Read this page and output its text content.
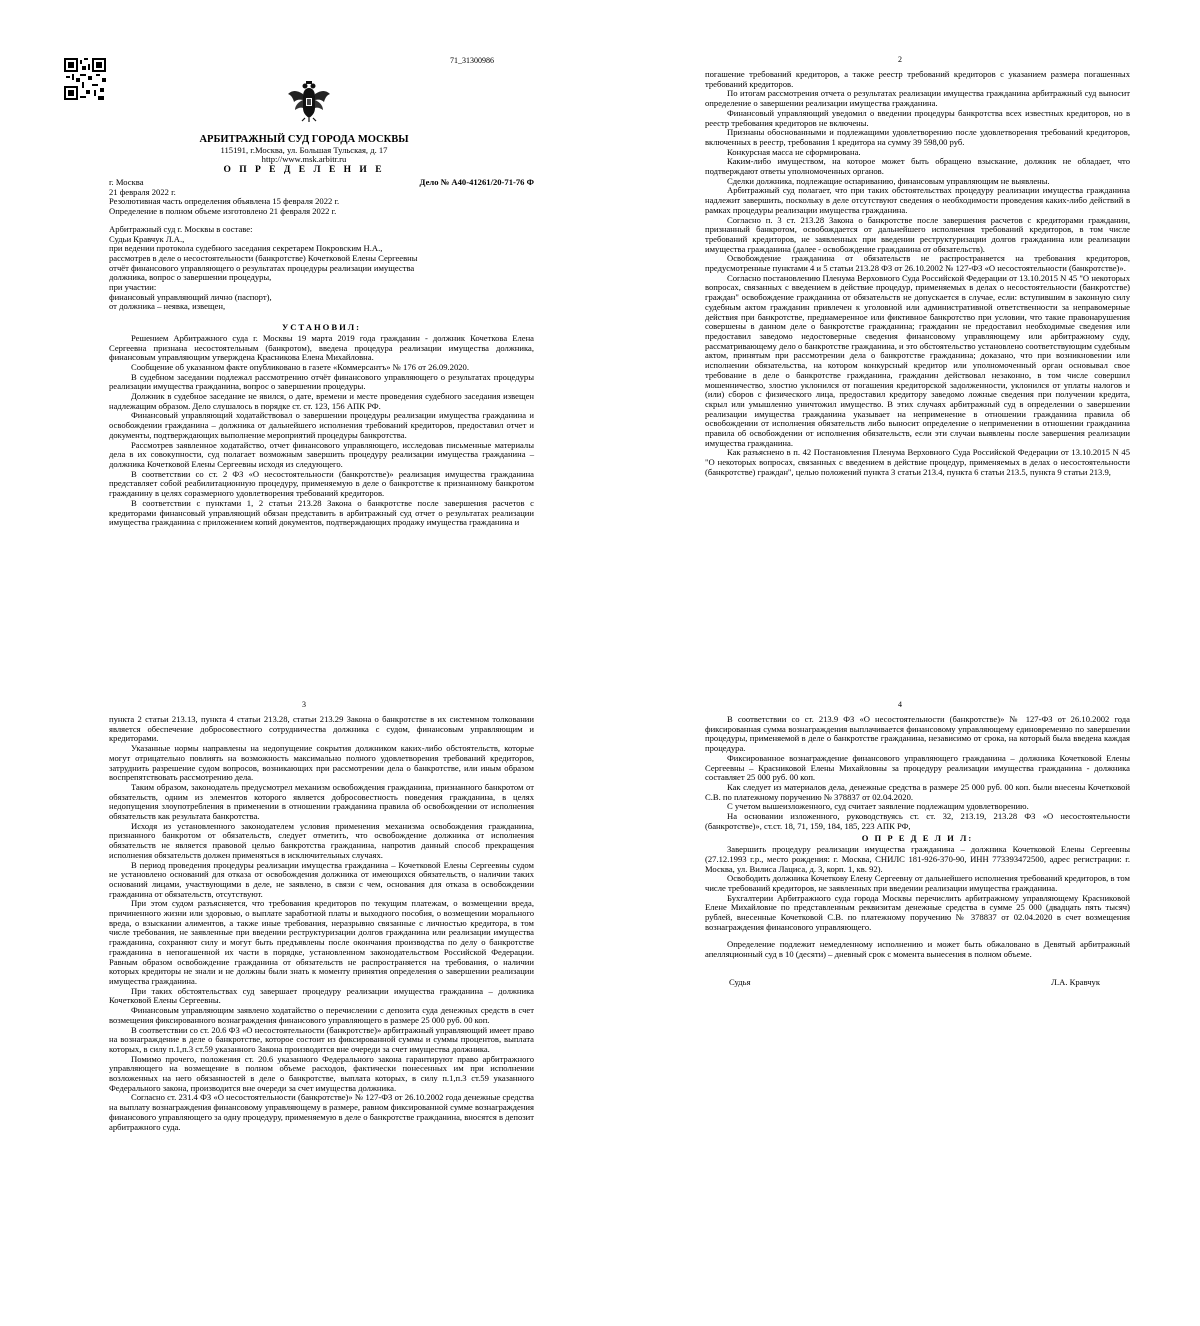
71_31300986
АРБИТРАЖНЫЙ СУД ГОРОДА МОСКВЫ
115191, г.Москва, ул. Большая Тульская, д. 17
http://www.msk.arbitr.ru
О П Р Е Д Е Л Е Н И Е
г. Москва	Дело № А40-41261/20-71-76 Ф
21 февраля 2022 г.
Резолютивная часть определения объявлена 15 февраля 2022 г.
Определение в полном объеме изготовлено 21 февраля 2022 г.
Арбитражный суд г. Москвы в составе:
Судьи Кравчук Л.А.,
при ведении протокола судебного заседания секретарем Покровским Н.А.,
рассмотрев в деле о несостоятельности (банкротстве) Кочетковой Елены Сергеевны
отчёт финансового управляющего о результатах процедуры реализации имущества
должника, вопрос о завершении процедуры,
при участии:
финансовый управляющий лично (паспорт),
от должника – неявка, извещен,
УСТАНОВИЛ:

Решением Арбитражного суда г. Москвы 19 марта 2019 года гражданин - должник Кочеткова Елена Сергеевна признана несостоятельным (банкротом), введена процедура реализации имущества должника, финансовым управляющим утверждена Красникова Елена Михайловна.

Сообщение об указанном факте опубликовано в газете «Коммерсантъ» № 176 от 26.09.2020.

В судебном заседании подлежал рассмотрению отчёт финансового управляющего о результатах процедуры реализации имущества гражданина, вопрос о завершении процедуры.

Должник в судебное заседание не явился, о дате, времени и месте проведения судебного заседания извещен надлежащим образом. Дело слушалось в порядке ст. ст. 123, 156 АПК РФ.

Финансовый управляющий ходатайствовал о завершении процедуры реализации имущества гражданина и освобождении гражданина – должника от дальнейшего исполнения требований кредиторов, предоставил отчет и документы, подтверждающих выполнение мероприятий процедуры банкротства.

Рассмотрев заявленное ходатайство, отчет финансового управляющего, исследовав письменные материалы дела в их совокупности, суд полагает возможным завершить процедуру реализации имущества гражданина – должника Кочетковой Елены Сергеевны исходя из следующего.

В соответствии со ст. 2 ФЗ «О несостоятельности (банкротстве)» реализация имущества гражданина представляет собой реабилитационную процедуру, применяемую в деле о банкротстве к признанному банкротом гражданину в целях соразмерного удовлетворения требований кредиторов.

В соответствии с пунктами 1, 2 статьи 213.28 Закона о банкротстве после завершения расчетов с кредиторами финансовый управляющий обязан представить в арбитражный суд отчет о результатах реализации имущества гражданина с приложением копий документов, подтверждающих продажу имущества гражданина и

2

погашение требований кредиторов, а также реестр требований кредиторов с указанием размера погашенных требований кредиторов.

По итогам рассмотрения отчета о результатах реализации имущества гражданина арбитражный суд выносит определение о завершении реализации имущества гражданина.

Финансовый управляющий уведомил о введении процедуры банкротства всех известных кредиторов, но в реестр требования кредиторов не включены.

Признаны обоснованными и подлежащими удовлетворению после удовлетворения требований кредиторов, включенных в реестр, требования 1 кредитора на сумму 39 598,00 руб.

Конкурсная масса не сформирована.

Каким-либо имуществом, на которое может быть обращено взыскание, должник не обладает, что подтверждают ответы уполномоченных органов.

Сделки должника, подлежащие оспариванию, финансовым управляющим не выявлены.

Арбитражный суд полагает, что при таких обстоятельствах процедуру реализации имущества гражданина надлежит завершить, поскольку в деле отсутствуют сведения о необходимости проведения каких-либо действий в рамках процедуры реализации имущества гражданина.

Согласно п. 3 ст. 213.28 Закона о банкротстве после завершения расчетов с кредиторами гражданин, признанный банкротом, освобождается от дальнейшего исполнения требований кредиторов, в том числе требований кредиторов, не заявленных при введении реструктуризации долгов гражданина или реализации имущества гражданина (далее - освобождение гражданина от обязательств).

Освобождение гражданина от обязательств не распространяется на требования кредиторов, предусмотренные пунктами 4 и 5 статьи 213.28 ФЗ от 26.10.2002 № 127-ФЗ «О несостоятельности (банкротстве)».

Согласно постановлению Пленума Верховного Суда Российской Федерации от 13.10.2015 N 45 "О некоторых вопросах, связанных с введением в действие процедур, применяемых в делах о несостоятельности (банкротстве) граждан" освобождение гражданина от обязательств не допускается в случае, если: вступившим в законную силу судебным актом гражданин привлечен к уголовной или административной ответственности за неправомерные действия при банкротстве, преднамеренное или фиктивное банкротство при условии, что такие правонарушения совершены в данном деле о банкротстве гражданина; гражданин не предоставил необходимые сведения или предоставил заведомо недостоверные сведения финансовому управляющему или арбитражному суду, рассматривающему дело о банкротстве гражданина, и это обстоятельство установлено соответствующим судебным актом, принятым при рассмотрении дела о банкротстве гражданина; доказано, что при возникновении или исполнении обязательства, на котором конкурсный кредитор или уполномоченный орган основывал свое требование в деле о банкротстве гражданина, гражданин действовал незаконно, в том числе совершил мошенничество, злостно уклонился от погашения кредиторской задолженности, уклонился от уплаты налогов и (или) сборов с физического лица, предоставил кредитору заведомо ложные сведения при получении кредита, скрыл или умышленно уничтожил имущество. В этих случаях арбитражный суд в определении о завершении реализации имущества гражданина указывает на неприменение в отношении гражданина правила об освобождении от исполнения обязательств либо выносит определение о неприменении в отношении гражданина правила об освобождении от исполнения обязательств, если эти случаи выявлены после завершения реализации имущества гражданина.

Как разъяснено в п. 42 Постановления Пленума Верховного Суда Российской Федерации от 13.10.2015 N 45 "О некоторых вопросах, связанных с введением в действие процедур, применяемых в делах о несостоятельности (банкротстве) граждан", целью положений пункта 3 статьи 213.4, пункта 6 статьи 213.5, пункта 9 статьи 213.9,

3

пункта 2 статьи 213.13, пункта 4 статьи 213.28, статьи 213.29 Закона о банкротстве в их системном толковании является обеспечение добросовестного сотрудничества должника с судом, финансовым управляющим и кредиторами.

Указанные нормы направлены на недопущение сокрытия должником каких-либо обстоятельств, которые могут отрицательно повлиять на возможность максимально полного удовлетворения требований кредиторов, затруднить разрешение судом вопросов, возникающих при рассмотрении дела о банкротстве, или иным образом воспрепятствовать рассмотрению дела.

Таким образом, законодатель предусмотрел механизм освобождения гражданина, признанного банкротом от обязательств, одним из элементов которого является добросовестность поведения гражданина, в целях недопущения злоупотребления в применении в отношении гражданина правила об освобождении от исполнения обязательств как результата банкротства.

Исходя из установленного законодателем условия применения механизма освобождения гражданина, признанного банкротом от обязательств, следует отметить, что освобождение должника от исполнения обязательств не является правовой целью банкротства гражданина, напротив данный способ прекращения исполнения обязательств должен применяться в исключительных случаях.

В период проведения процедуры реализации имущества гражданина – Кочетковой Елены Сергеевны судом не установлено оснований для отказа от освобождения должника от имеющихся обязательств, о наличии таких оснований лицами, участвующими в деле, не заявлено, в связи с чем, основания для отказа в освобождении гражданина от обязательств, отсутствуют.

При этом судом разъясняется, что требования кредиторов по текущим платежам, о возмещении вреда, причиненного жизни или здоровью, о выплате заработной платы и выходного пособия, о возмещении морального вреда, о взыскании алиментов, а также иные требования, неразрывно связанные с личностью кредитора, в том числе требования, не заявленные при введении реструктуризации долгов гражданина или реализации имущества гражданина, сохраняют силу и могут быть предъявлены после окончания производства по делу о банкротстве гражданина в непогашенной их части в порядке, установленном законодательством Российской Федерации. Равным образом освобождение гражданина от обязательств не распространяется на требования, о наличии которых кредиторы не знали и не должны были знать к моменту принятия определения о завершении реализации имущества гражданина.

При таких обстоятельствах суд завершает процедуру реализации имущества гражданина – должника Кочетковой Елены Сергеевны.

Финансовым управляющим заявлено ходатайство о перечислении с депозита суда денежных средств в счет возмещения фиксированного вознаграждения финансового управляющего в размере 25 000 руб. 00 коп.

В соответствии со ст. 20.6 ФЗ «О несостоятельности (банкротстве)» арбитражный управляющий имеет право на вознаграждение в деле о банкротстве, которое состоит из фиксированной суммы и суммы процентов, выплата которых, в силу п.1,п.3 ст.59 указанного Закона производится вне очереди за счет имущества должника.

Помимо прочего, положения ст. 20.6 указанного Федерального закона гарантируют право арбитражного управляющего на возмещение в полном объеме расходов, фактически понесенных им при исполнении возложенных на него обязанностей в деле о банкротстве, выплата которых, в силу п.1,п.3 ст.59 указанного Федерального закона, производится вне очереди за счет имущества должника.

Согласно ст. 231.4 ФЗ «О несостоятельности (банкротстве)» № 127-ФЗ от 26.10.2002 года денежные средства на выплату вознаграждения финансовому управляющему в размере, равном фиксированной сумме вознаграждения финансового управляющего за одну процедуру, применяемую в деле о банкротстве гражданина, вносятся в депозит арбитражного суда.

4

В соответствии со ст. 213.9 ФЗ «О несостоятельности (банкротстве)» № 127-ФЗ от 26.10.2002 года фиксированная сумма вознаграждения выплачивается финансовому управляющему единовременно по завершении процедуры, применяемой в деле о банкротстве гражданина, независимо от срока, на который была введена каждая процедура.

Фиксированное вознаграждение финансового управляющего гражданина – должника Кочетковой Елены Сергеевны – Красниковой Елены Михайловны за процедуру реализации имущества гражданина - должника составляет 25 000 руб. 00 коп.

Как следует из материалов дела, денежные средства в размере 25 000 руб. 00 коп. были внесены Кочетковой С.В. по платежному поручению № 378837 от 02.04.2020.

С учетом вышеизложенного, суд считает заявление подлежащим удовлетворению.

На основании изложенного, руководствуясь ст. ст. 32, 213.19, 213.28 ФЗ «О несостоятельности (банкротстве)», ст.ст. 18, 71, 159, 184, 185, 223 АПК РФ,

О П Р Е Д Е Л И Л:

Завершить процедуру реализации имущества гражданина – должника Кочетковой Елены Сергеевны (27.12.1993 г.р., место рождения: г. Москва, СНИЛС 181-926-370-90, ИНН 773393472500, адрес регистрации: г. Москва, ул. Вилиса Лациса, д. 3, корп. 1, кв. 92).

Освободить должника Кочеткову Елену Сергеевну от дальнейшего исполнения требований кредиторов, в том числе требований кредиторов, не заявленных при введении реализации имущества гражданина.

Бухгалтерии Арбитражного суда города Москвы перечислить арбитражному управляющему Красниковой Елене Михайловне по представленным реквизитам денежные средства в сумме 25 000 (двадцать пять тысяч) рублей, внесенные Кочетковой С.В. по платежному поручению № 378837 от 02.04.2020 в счет возмещения вознаграждения финансового управляющего.

Определение подлежит немедленному исполнению и может быть обжаловано в Девятый арбитражный апелляционный суд в 10 (десяти) – дневный срок с момента вынесения в полном объеме.

Судья	Л.А. Кравчук
